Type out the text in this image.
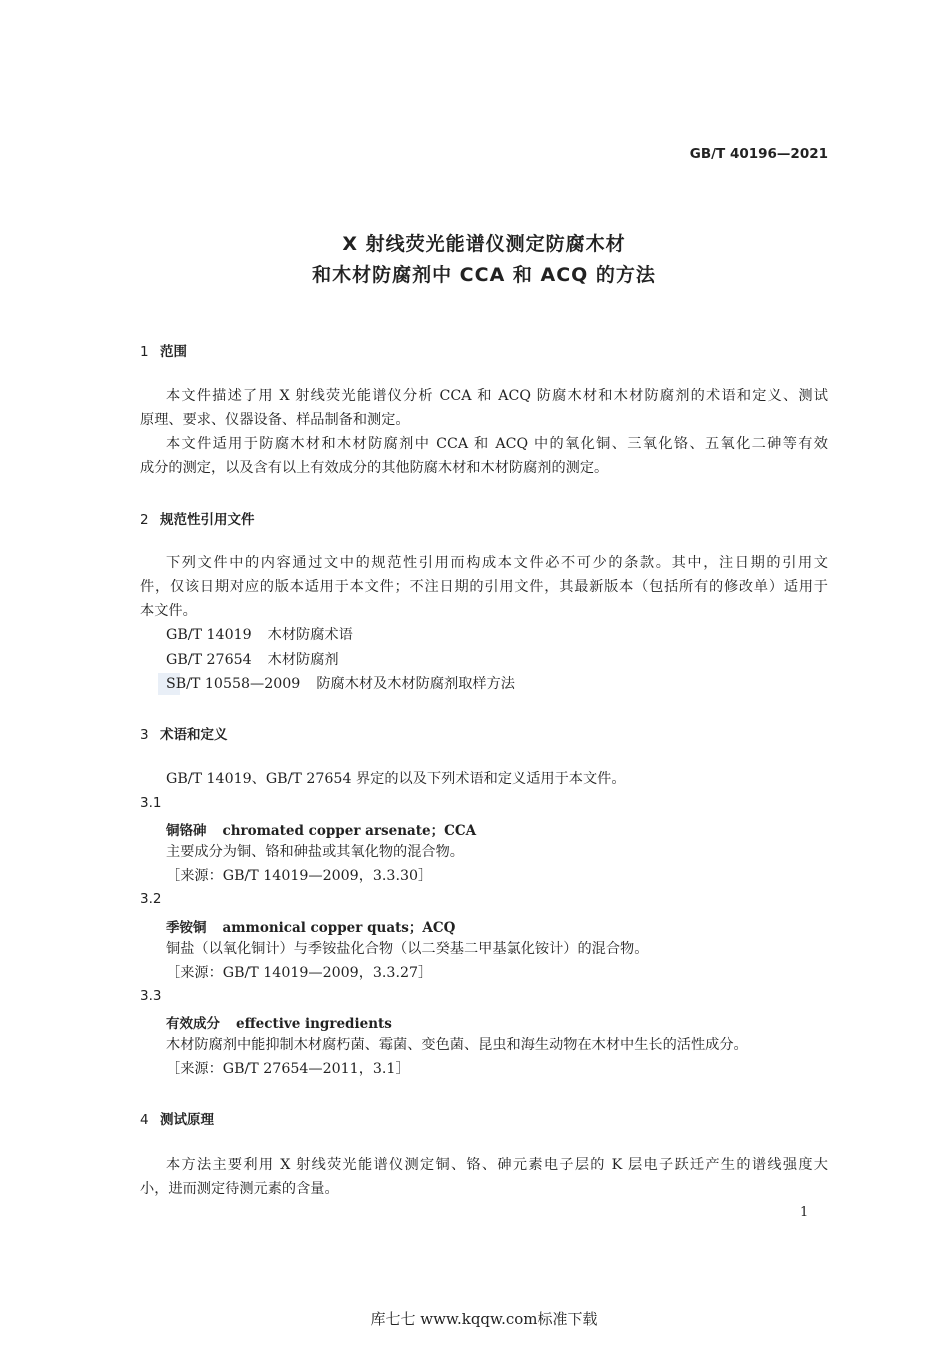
GB/T 40196—2021
X 射线荧光能谱仪测定防腐木材
和木材防腐剂中 CCA 和 ACQ 的方法
1 范围
本文件描述了用 X 射线荧光能谱仪分析 CCA 和 ACQ 防腐木材和木材防腐剂的术语和定义、测试
原理、要求、仪器设备、样品制备和测定。
本文件适用于防腐木材和木材防腐剂中 CCA 和 ACQ 中的氧化铜、三氧化铬、五氧化二砷等有效
成分的测定，以及含有以上有效成分的其他防腐木材和木材防腐剂的测定。
2 规范性引用文件
下列文件中的内容通过文中的规范性引用而构成本文件必不可少的条款。其中，注日期的引用文
件，仅该日期对应的版本适用于本文件；不注日期的引用文件，其最新版本（包括所有的修改单）适用于
本文件。
GB/T 14019 木材防腐术语
GB/T 27654 木材防腐剂
SB/T 10558—2009 防腐木材及木材防腐剂取样方法
3 术语和定义
GB/T 14019、GB/T 27654 界定的以及下列术语和定义适用于本文件。
3.1
铜铬砷 chromated copper arsenate；CCA
主要成分为铜、铬和砷盐或其氧化物的混合物。
［来源：GB/T 14019—2009，3.3.30］
3.2
季铵铜 ammonical copper quats；ACQ
铜盐（以氧化铜计）与季铵盐化合物（以二癸基二甲基氯化铵计）的混合物。
［来源：GB/T 14019—2009，3.3.27］
3.3
有效成分 effective ingredients
木材防腐剂中能抑制木材腐朽菌、霉菌、变色菌、昆虫和海生动物在木材中生长的活性成分。
［来源：GB/T 27654—2011，3.1］
4 测试原理
本方法主要利用 X 射线荧光能谱仪测定铜、铬、砷元素电子层的 K 层电子跃迁产生的谱线强度大
小，进而测定待测元素的含量。
1
库七七 www.kqqw.com标准下载
